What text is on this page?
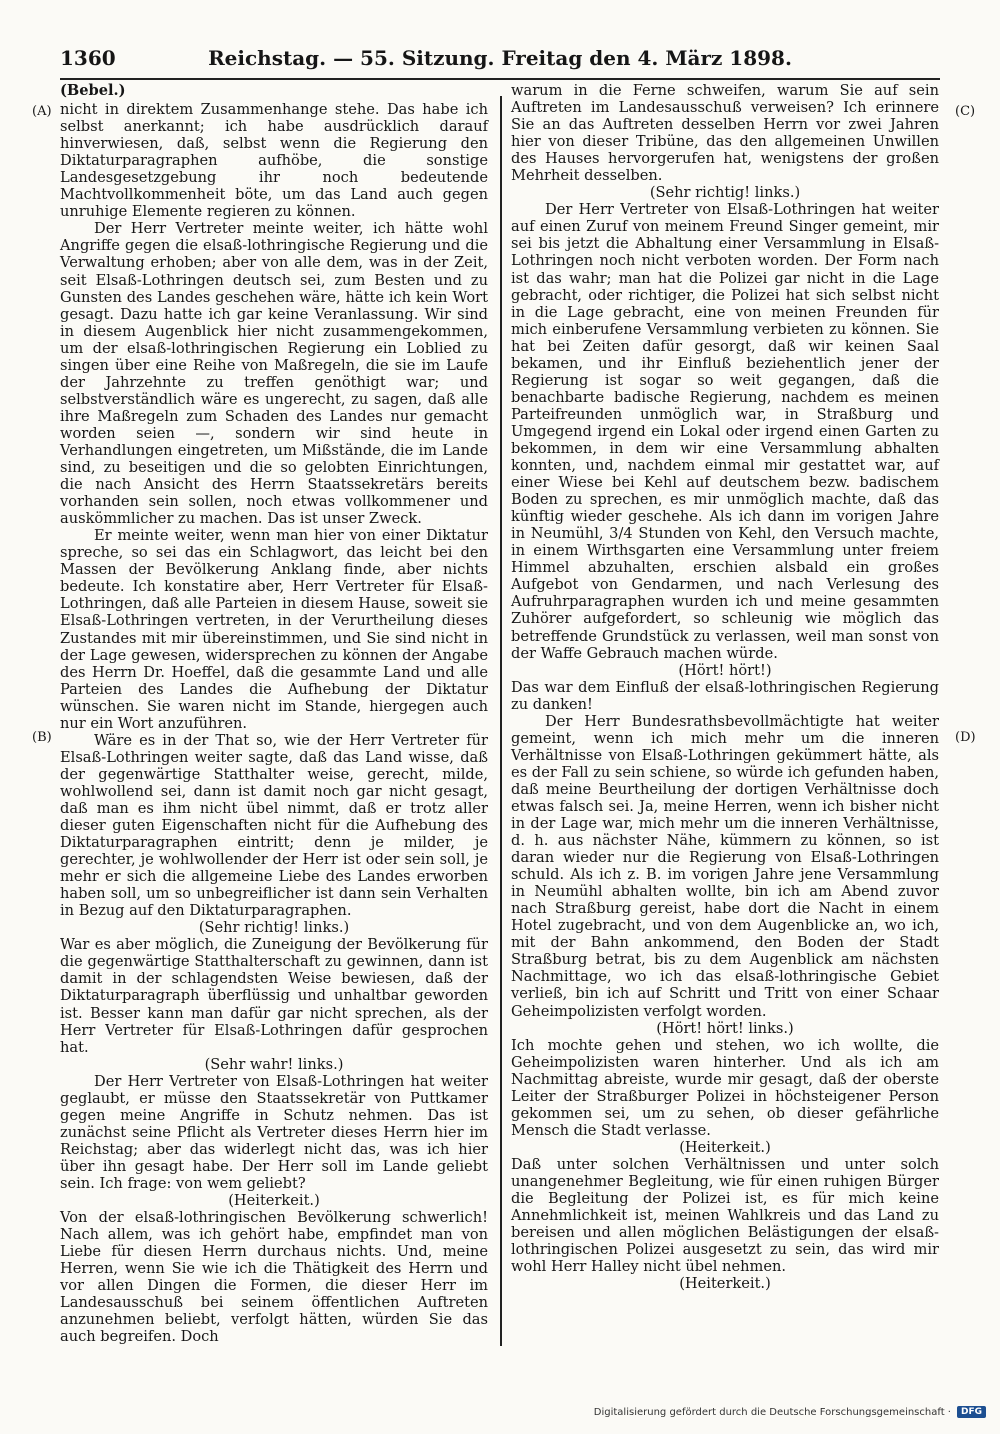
1360	Reichstag. — 55. Sitzung. Freitag den 4. März 1898.
(A)
(B)
(C)
(D)

(Bebel.)

nicht in direktem Zusammenhange stehe. Das habe ich selbst anerkannt; ich habe ausdrücklich darauf hinverwiesen, daß, selbst wenn die Regierung den Diktaturparagraphen aufhöbe, die sonstige Landesgesetzgebung ihr noch bedeutende Machtvollkommenheit böte, um das Land auch gegen unruhige Elemente regieren zu können.

Der Herr Vertreter meinte weiter, ich hätte wohl Angriffe gegen die elsaß-lothringische Regierung und die Verwaltung erhoben; aber von alle dem, was in der Zeit, seit Elsaß-Lothringen deutsch sei, zum Besten und zu Gunsten des Landes geschehen wäre, hätte ich kein Wort gesagt. Dazu hatte ich gar keine Veranlassung. Wir sind in diesem Augenblick hier nicht zusammengekommen, um der elsaß-lothringischen Regierung ein Loblied zu singen über eine Reihe von Maßregeln, die sie im Laufe der Jahrzehnte zu treffen genöthigt war; und selbstverständlich wäre es ungerecht, zu sagen, daß alle ihre Maßregeln zum Schaden des Landes nur gemacht worden seien —, sondern wir sind heute in Verhandlungen eingetreten, um Mißstände, die im Lande sind, zu beseitigen und die so gelobten Einrichtungen, die nach Ansicht des Herrn Staatssekretärs bereits vorhanden sein sollen, noch etwas vollkommener und auskömmlicher zu machen. Das ist unser Zweck.

Er meinte weiter, wenn man hier von einer Diktatur spreche, so sei das ein Schlagwort, das leicht bei den Massen der Bevölkerung Anklang finde, aber nichts bedeute. Ich konstatire aber, Herr Vertreter für Elsaß-Lothringen, daß alle Parteien in diesem Hause, soweit sie Elsaß-Lothringen vertreten, in der Verurtheilung dieses Zustandes mit mir übereinstimmen, und Sie sind nicht in der Lage gewesen, widersprechen zu können der Angabe des Herrn Dr. Hoeffel, daß die gesammte Land und alle Parteien des Landes die Aufhebung der Diktatur wünschen. Sie waren nicht im Stande, hiergegen auch nur ein Wort anzuführen.

Wäre es in der That so, wie der Herr Vertreter für Elsaß-Lothringen weiter sagte, daß das Land wisse, daß der gegenwärtige Statthalter weise, gerecht, milde, wohlwollend sei, dann ist damit noch gar nicht gesagt, daß man es ihm nicht übel nimmt, daß er trotz aller dieser guten Eigenschaften nicht für die Aufhebung des Diktaturparagraphen eintritt; denn je milder, je gerechter, je wohlwollender der Herr ist oder sein soll, je mehr er sich die allgemeine Liebe des Landes erworben haben soll, um so unbegreiflicher ist dann sein Verhalten in Bezug auf den Diktaturparagraphen.

(Sehr richtig! links.)

War es aber möglich, die Zuneigung der Bevölkerung für die gegenwärtige Statthalterschaft zu gewinnen, dann ist damit in der schlagendsten Weise bewiesen, daß der Diktaturparagraph überflüssig und unhaltbar geworden ist. Besser kann man dafür gar nicht sprechen, als der Herr Vertreter für Elsaß-Lothringen dafür gesprochen hat.

(Sehr wahr! links.)

Der Herr Vertreter von Elsaß-Lothringen hat weiter geglaubt, er müsse den Staatssekretär von Puttkamer gegen meine Angriffe in Schutz nehmen. Das ist zunächst seine Pflicht als Vertreter dieses Herrn hier im Reichstag; aber das widerlegt nicht das, was ich hier über ihn gesagt habe. Der Herr soll im Lande geliebt sein. Ich frage: von wem geliebt?

(Heiterkeit.)

Von der elsaß-lothringischen Bevölkerung schwerlich! Nach allem, was ich gehört habe, empfindet man von Liebe für diesen Herrn durchaus nichts. Und, meine Herren, wenn Sie wie ich die Thätigkeit des Herrn und vor allen Dingen die Formen, die dieser Herr im Landesausschuß bei seinem öffentlichen Auftreten anzunehmen beliebt, verfolgt hätten, würden Sie das auch begreifen. Doch

warum in die Ferne schweifen, warum Sie auf sein Auftreten im Landesausschuß verweisen? Ich erinnere Sie an das Auftreten desselben Herrn vor zwei Jahren hier von dieser Tribüne, das den allgemeinen Unwillen des Hauses hervorgerufen hat, wenigstens der großen Mehrheit desselben.

(Sehr richtig! links.)

Der Herr Vertreter von Elsaß-Lothringen hat weiter auf einen Zuruf von meinem Freund Singer gemeint, mir sei bis jetzt die Abhaltung einer Versammlung in Elsaß-Lothringen noch nicht verboten worden. Der Form nach ist das wahr; man hat die Polizei gar nicht in die Lage gebracht, oder richtiger, die Polizei hat sich selbst nicht in die Lage gebracht, eine von meinen Freunden für mich einberufene Versammlung verbieten zu können. Sie hat bei Zeiten dafür gesorgt, daß wir keinen Saal bekamen, und ihr Einfluß beziehentlich jener der Regierung ist sogar so weit gegangen, daß die benachbarte badische Regierung, nachdem es meinen Parteifreunden unmöglich war, in Straßburg und Umgegend irgend ein Lokal oder irgend einen Garten zu bekommen, in dem wir eine Versammlung abhalten konnten, und, nachdem einmal mir gestattet war, auf einer Wiese bei Kehl auf deutschem bezw. badischem Boden zu sprechen, es mir unmöglich machte, daß das künftig wieder geschehe. Als ich dann im vorigen Jahre in Neumühl, 3/4 Stunden von Kehl, den Versuch machte, in einem Wirthsgarten eine Versammlung unter freiem Himmel abzuhalten, erschien alsbald ein großes Aufgebot von Gendarmen, und nach Verlesung des Aufruhrparagraphen wurden ich und meine gesammten Zuhörer aufgefordert, so schleunig wie möglich das betreffende Grundstück zu verlassen, weil man sonst von der Waffe Gebrauch machen würde.

(Hört! hört!)

Das war dem Einfluß der elsaß-lothringischen Regierung zu danken!

Der Herr Bundesrathsbevollmächtigte hat weiter gemeint, wenn ich mich mehr um die inneren Verhältnisse von Elsaß-Lothringen gekümmert hätte, als es der Fall zu sein schiene, so würde ich gefunden haben, daß meine Beurtheilung der dortigen Verhältnisse doch etwas falsch sei. Ja, meine Herren, wenn ich bisher nicht in der Lage war, mich mehr um die inneren Verhältnisse, d. h. aus nächster Nähe, kümmern zu können, so ist daran wieder nur die Regierung von Elsaß-Lothringen schuld. Als ich z. B. im vorigen Jahre jene Versammlung in Neumühl abhalten wollte, bin ich am Abend zuvor nach Straßburg gereist, habe dort die Nacht in einem Hotel zugebracht, und von dem Augenblicke an, wo ich, mit der Bahn ankommend, den Boden der Stadt Straßburg betrat, bis zu dem Augenblick am nächsten Nachmittage, wo ich das elsaß-lothringische Gebiet verließ, bin ich auf Schritt und Tritt von einer Schaar Geheimpolizisten verfolgt worden.

(Hört! hört! links.)

Ich mochte gehen und stehen, wo ich wollte, die Geheimpolizisten waren hinterher. Und als ich am Nachmittag abreiste, wurde mir gesagt, daß der oberste Leiter der Straßburger Polizei in höchsteigener Person gekommen sei, um zu sehen, ob dieser gefährliche Mensch die Stadt verlasse.

(Heiterkeit.)

Daß unter solchen Verhältnissen und unter solch unangenehmer Begleitung, wie für einen ruhigen Bürger die Begleitung der Polizei ist, es für mich keine Annehmlichkeit ist, meinen Wahlkreis und das Land zu bereisen und allen möglichen Belästigungen der elsaß-lothringischen Polizei ausgesetzt zu sein, das wird mir wohl Herr Halley nicht übel nehmen.

(Heiterkeit.)

Digitalisierung gefördert durch die Deutsche Forschungsgemeinschaft ·	DFG
